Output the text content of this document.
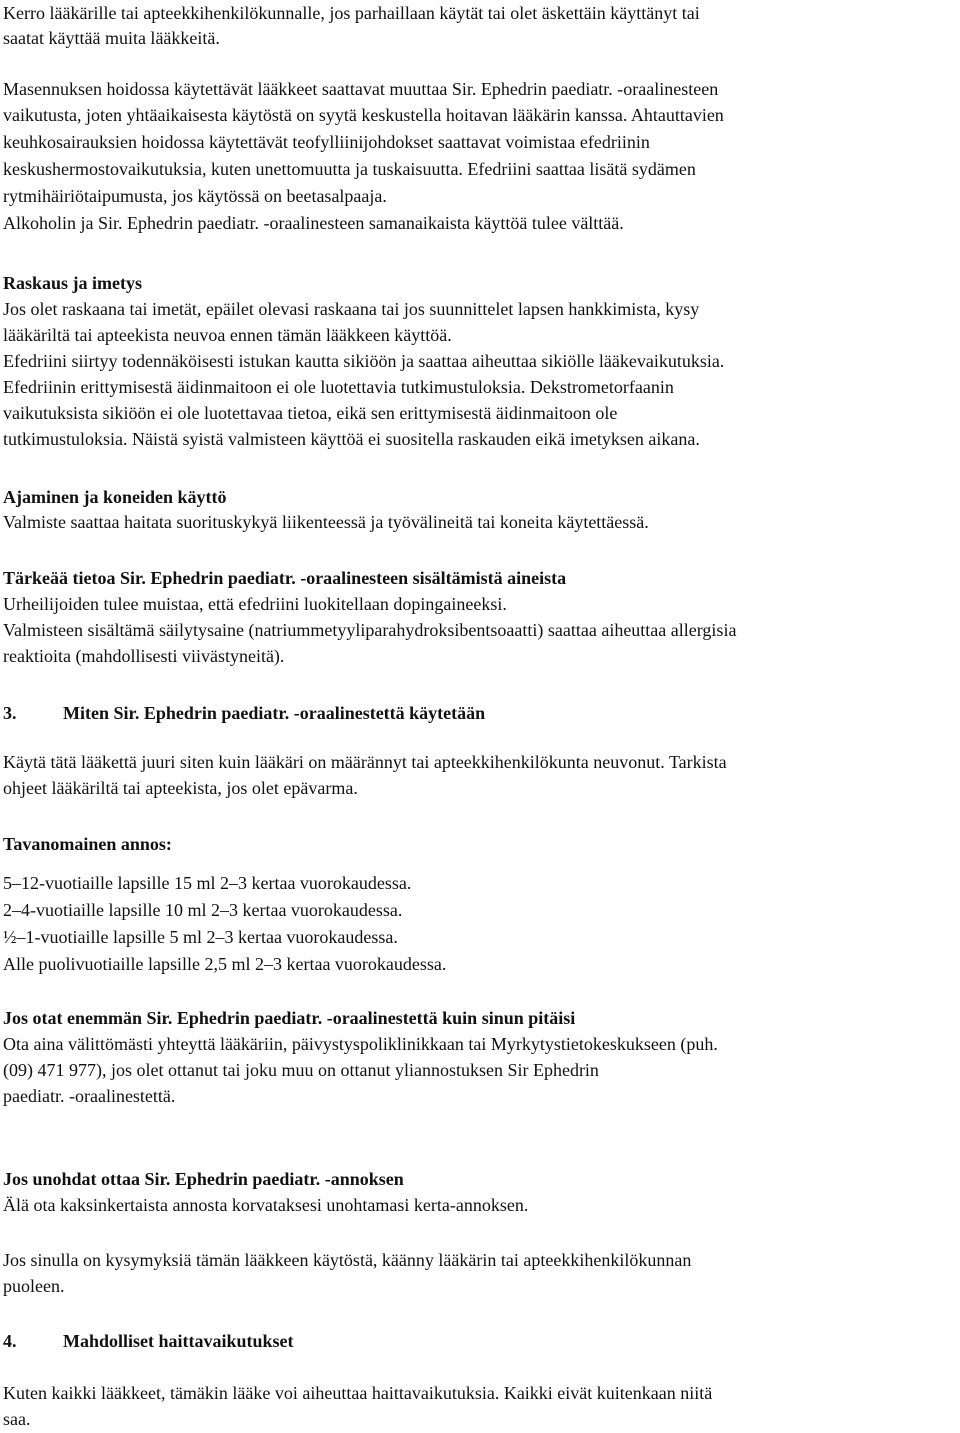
Kerro lääkärille tai apteekkihenkilökunnalle, jos parhaillaan käytät tai olet äskettäin käyttänyt tai
saatat käyttää muita lääkkeitä.
Masennuksen hoidossa käytettävät lääkkeet saattavat muuttaa Sir. Ephedrin paediatr. -oraalinesteen
vaikutusta, joten yhtäaikaisesta käytöstä on syytä keskustella hoitavan lääkärin kanssa. Ahtauttavien
keuhkosairauksien hoidossa käytettävät teofylliinijohdokset saattavat voimistaa efedriinin
keskushermostovaikutuksia, kuten unettomuutta ja tuskaisuutta. Efedriini saattaa lisätä sydämen
rytmihäiriötaipumusta, jos käytössä on beetasalpaaja.
Alkoholin ja Sir. Ephedrin paediatr. -oraalinesteen samanaikaista käyttöä tulee välttää.
Raskaus ja imetys
Jos olet raskaana tai imetät, epäilet olevasi raskaana tai jos suunnittelet lapsen hankkimista, kysy
lääkäriltä tai apteekista neuvoa ennen tämän lääkkeen käyttöä.
Efedriini siirtyy todennäköisesti istukan kautta sikiöön ja saattaa aiheuttaa sikiölle lääkevaikutuksia.
Efedriinin erittymisestä äidinmaitoon ei ole luotettavia tutkimustuloksia. Dekstrometorfaanin
vaikutuksista sikiöön ei ole luotettavaa tietoa, eikä sen erittymisestä äidinmaitoon ole
tutkimustuloksia. Näistä syistä valmisteen käyttöä ei suositella raskauden eikä imetyksen aikana.
Ajaminen ja koneiden käyttö
Valmiste saattaa haitata suorituskykyä liikenteessä ja työvälineitä tai koneita käytettäessä.
Tärkeää tietoa Sir. Ephedrin paediatr. -oraalinesteen sisältämistä aineista
Urheilijoiden tulee muistaa, että efedriini luokitellaan dopingaineeksi.
Valmisteen sisältämä säilytysaine (natriummetyyliparahydroksibentsoaatti) saattaa aiheuttaa allergisia
reaktioita (mahdollisesti viivästyneitä).
3.	Miten Sir. Ephedrin paediatr. -oraalinestettä käytetään
Käytä tätä lääkettä juuri siten kuin lääkäri on määrännyt tai apteekkihenkilökunta neuvonut. Tarkista
ohjeet lääkäriltä tai apteekista, jos olet epävarma.
Tavanomainen annos:
5–12-vuotiaille lapsille 15 ml 2–3 kertaa vuorokaudessa.
2–4-vuotiaille lapsille 10 ml 2–3 kertaa vuorokaudessa.
½–1-vuotiaille lapsille 5 ml 2–3 kertaa vuorokaudessa.
Alle puolivuotiaille lapsille 2,5 ml 2–3 kertaa vuorokaudessa.
Jos otat enemmän Sir. Ephedrin paediatr. -oraalinestettä kuin sinun pitäisi
Ota aina välittömästi yhteyttä lääkäriin, päivystyspoliklinikkaan tai Myrkytystietokeskukseen (puh.
(09) 471 977), jos olet ottanut tai joku muu on ottanut yliannostuksen Sir Ephedrin
paediatr. -oraalinestettä.
Jos unohdat ottaa Sir. Ephedrin paediatr. -annoksen
Älä ota kaksinkertaista annosta korvataksesi unohtamasi kerta-annoksen.
Jos sinulla on kysymyksiä tämän lääkkeen käytöstä, käänny lääkärin tai apteekkihenkilökunnan
puoleen.
4.	Mahdolliset haittavaikutukset
Kuten kaikki lääkkeet, tämäkin lääke voi aiheuttaa haittavaikutuksia. Kaikki eivät kuitenkaan niitä
saa.
